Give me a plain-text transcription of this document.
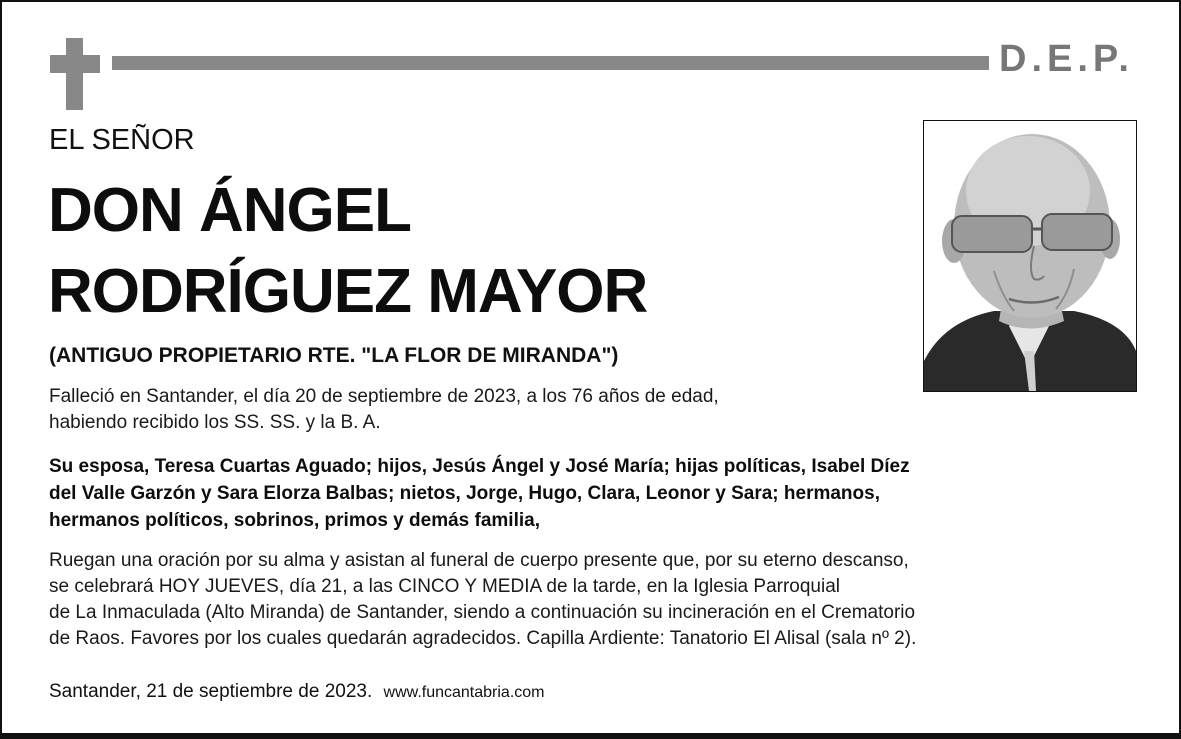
D.E.P.
EL SEÑOR
DON ÁNGEL
RODRÍGUEZ MAYOR
(ANTIGUO PROPIETARIO RTE. "LA FLOR DE MIRANDA")
Falleció en Santander, el día 20 de septiembre de 2023, a los 76 años de edad,
habiendo recibido los SS. SS. y la B. A.
Su esposa, Teresa Cuartas Aguado; hijos, Jesús Ángel y José María; hijas políticas, Isabel Díez
del Valle Garzón y Sara Elorza Balbas; nietos, Jorge, Hugo, Clara, Leonor y Sara; hermanos,
hermanos políticos, sobrinos, primos y demás familia,
Ruegan una oración por su alma y asistan al funeral de cuerpo presente que, por su eterno descanso,
se celebrará HOY JUEVES, día 21, a las CINCO Y MEDIA de la tarde, en la Iglesia Parroquial
de La Inmaculada (Alto Miranda) de Santander, siendo a continuación su incineración en el Crematorio
de Raos. Favores por los cuales quedarán agradecidos. Capilla Ardiente: Tanatorio El Alisal (sala nº 2).
Santander, 21 de septiembre de 2023. www.funcantabria.com
